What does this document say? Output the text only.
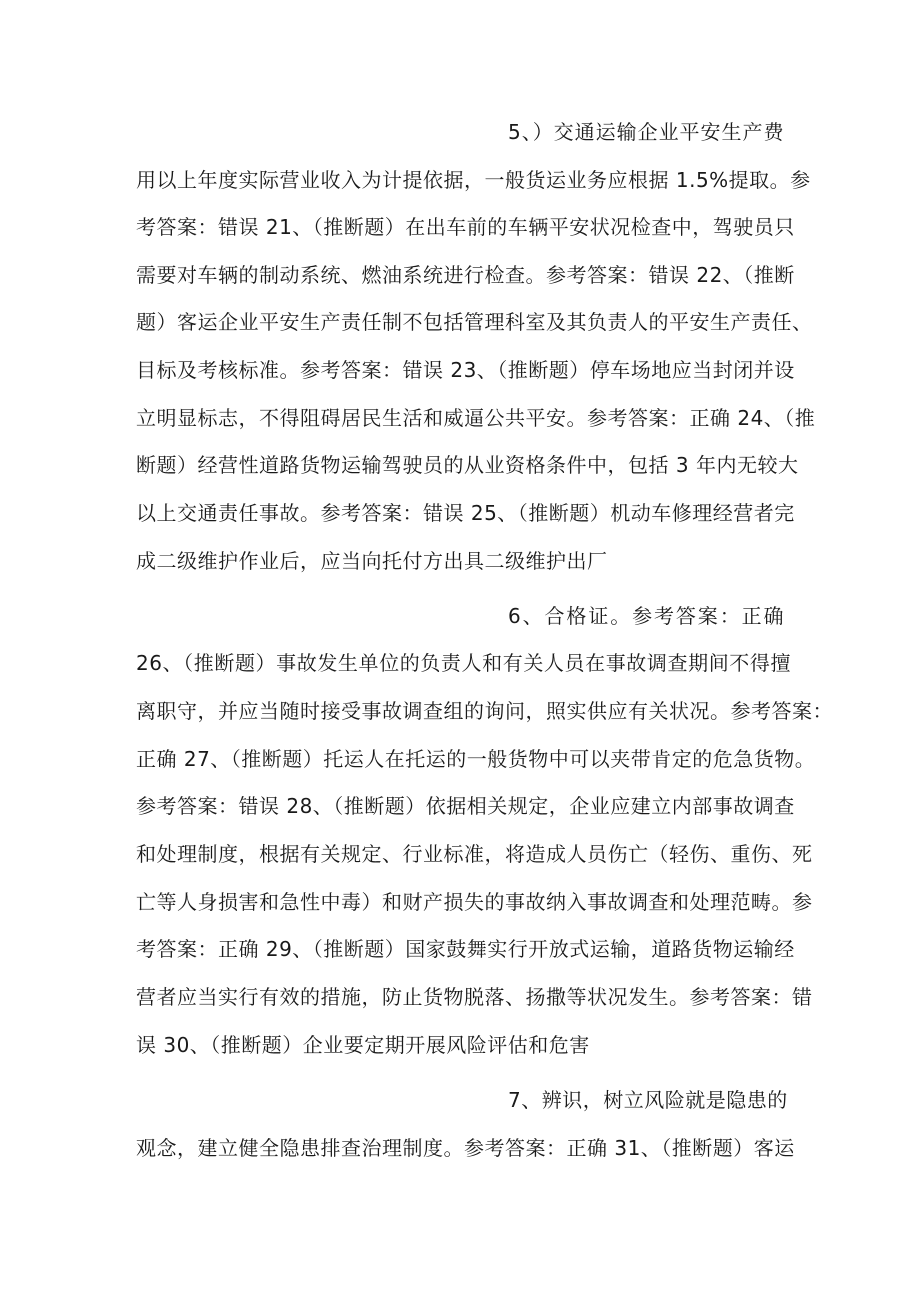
5、）交通运输企业平安生产费
用以上年度实际营业收入为计提依据，一般货运业务应根据 1.5%提取。参
考答案：错误 21、（推断题）在出车前的车辆平安状况检查中，驾驶员只
需要对车辆的制动系统、燃油系统进行检查。参考答案：错误 22、（推断
题）客运企业平安生产责任制不包括管理科室及其负责人的平安生产责任、
目标及考核标准。参考答案：错误 23、（推断题）停车场地应当封闭并设
立明显标志，不得阻碍居民生活和威逼公共平安。参考答案：正确 24、（推
断题）经营性道路货物运输驾驶员的从业资格条件中，包括 3 年内无较大
以上交通责任事故。参考答案：错误 25、（推断题）机动车修理经营者完
成二级维护作业后，应当向托付方出具二级维护出厂
6、合格证。参考答案：正确
26、（推断题）事故发生单位的负责人和有关人员在事故调查期间不得擅
离职守，并应当随时接受事故调查组的询问，照实供应有关状况。参考答案：
正确 27、（推断题）托运人在托运的一般货物中可以夹带肯定的危急货物。
参考答案：错误 28、（推断题）依据相关规定，企业应建立内部事故调查
和处理制度，根据有关规定、行业标准，将造成人员伤亡（轻伤、重伤、死
亡等人身损害和急性中毒）和财产损失的事故纳入事故调查和处理范畴。参
考答案：正确 29、（推断题）国家鼓舞实行开放式运输，道路货物运输经
营者应当实行有效的措施，防止货物脱落、扬撒等状况发生。参考答案：错
误 30、（推断题）企业要定期开展风险评估和危害
7、辨识，树立风险就是隐患的
观念，建立健全隐患排查治理制度。参考答案：正确 31、（推断题）客运
